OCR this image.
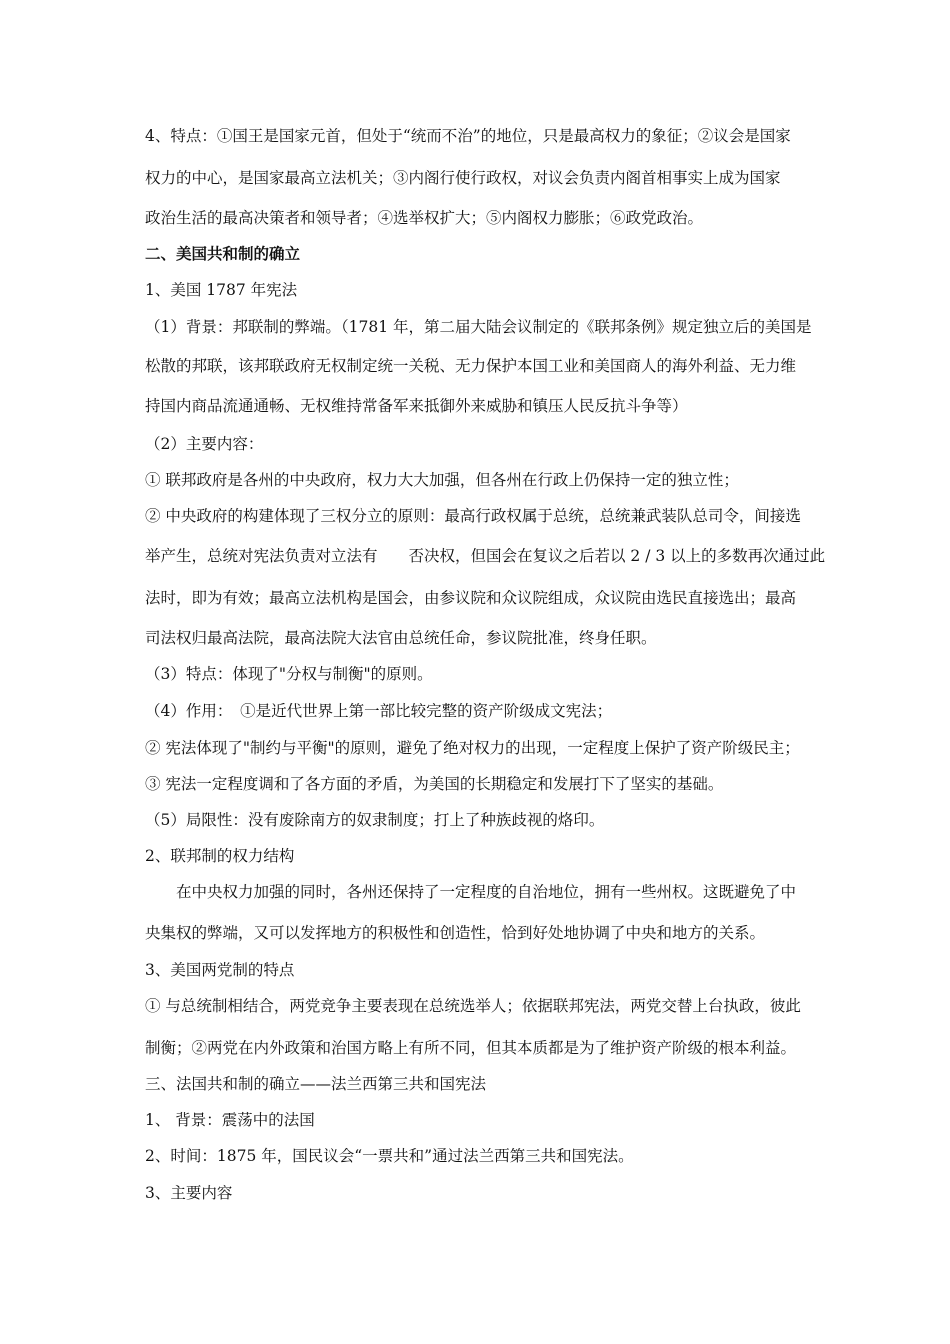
4、特点：①国王是国家元首，但处于“统而不治”的地位，只是最高权力的象征；②议会是国家
权力的中心，是国家最高立法机关；③内阁行使行政权，对议会负责内阁首相事实上成为国家
政治生活的最高决策者和领导者；④选举权扩大；⑤内阁权力膨胀；⑥政党政治。
二、美国共和制的确立
1、美国 1787 年宪法
（1）背景：邦联制的弊端。（1781 年，第二届大陆会议制定的《联邦条例》规定独立后的美国是
松散的邦联，该邦联政府无权制定统一关税、无力保护本国工业和美国商人的海外利益、无力维
持国内商品流通通畅、无权维持常备军来抵御外来威胁和镇压人民反抗斗争等）
（2）主要内容：
① 联邦政府是各州的中央政府，权力大大加强，但各州在行政上仍保持一定的独立性；
② 中央政府的构建体现了三权分立的原则：最高行政权属于总统，总统兼武装队总司令，间接选
举产生，总统对宪法负责对立法有　　否决权，但国会在复议之后若以 2 / 3 以上的多数再次通过此
法时，即为有效；最高立法机构是国会，由参议院和众议院组成，众议院由选民直接选出；最高
司法权归最高法院，最高法院大法官由总统任命，参议院批准，终身任职。
（3）特点：体现了"分权与制衡"的原则。
（4）作用：　①是近代世界上第一部比较完整的资产阶级成文宪法；
② 宪法体现了"制约与平衡"的原则，避免了绝对权力的出现，一定程度上保护了资产阶级民主；
③ 宪法一定程度调和了各方面的矛盾，为美国的长期稳定和发展打下了坚实的基础。
（5）局限性：没有废除南方的奴隶制度；打上了种族歧视的烙印。
2、联邦制的权力结构
在中央权力加强的同时，各州还保持了一定程度的自治地位，拥有一些州权。这既避免了中
央集权的弊端，又可以发挥地方的积极性和创造性，恰到好处地协调了中央和地方的关系。
3、美国两党制的特点
① 与总统制相结合，两党竞争主要表现在总统选举人；依据联邦宪法，两党交替上台执政，彼此
制衡；②两党在内外政策和治国方略上有所不同，但其本质都是为了维护资产阶级的根本利益。
三、法国共和制的确立——法兰西第三共和国宪法
1、 背景：震荡中的法国
2、时间：1875 年，国民议会“一票共和”通过法兰西第三共和国宪法。
3、主要内容
